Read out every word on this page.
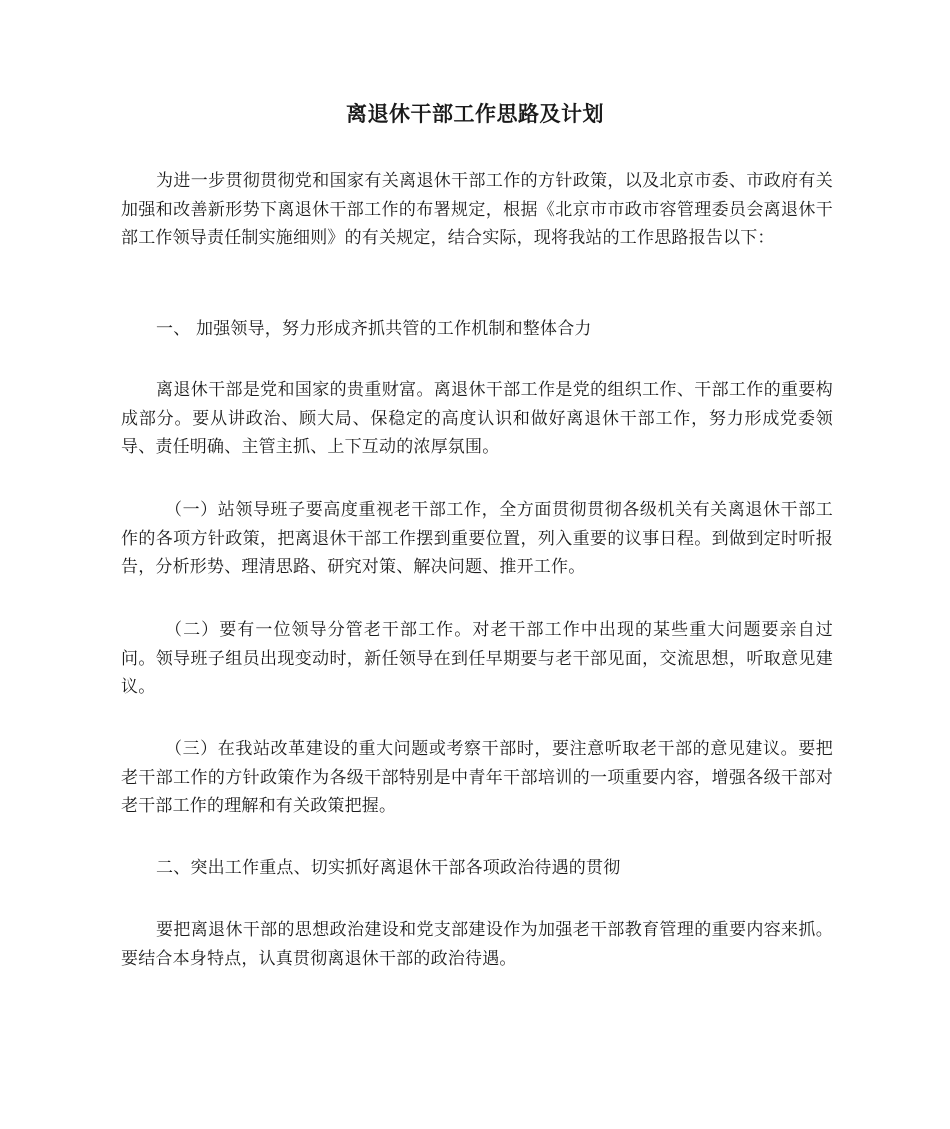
离退休干部工作思路及计划

为进一步贯彻贯彻党和国家有关离退休干部工作的方针政策，以及北京市委、市政府有关加强和改善新形势下离退休干部工作的布署规定，根据《北京市市政市容管理委员会离退休干部工作领导责任制实施细则》的有关规定，结合实际，现将我站的工作思路报告以下：

一、 加强领导，努力形成齐抓共管的工作机制和整体合力

离退休干部是党和国家的贵重财富。离退休干部工作是党的组织工作、干部工作的重要构成部分。要从讲政治、顾大局、保稳定的高度认识和做好离退休干部工作，努力形成党委领导、责任明确、主管主抓、上下互动的浓厚氛围。

（一）站领导班子要高度重视老干部工作，全方面贯彻贯彻各级机关有关离退休干部工作的各项方针政策，把离退休干部工作摆到重要位置，列入重要的议事日程。到做到定时听报告，分析形势、理清思路、研究对策、解决问题、推开工作。

（二）要有一位领导分管老干部工作。对老干部工作中出现的某些重大问题要亲自过问。领导班子组员出现变动时，新任领导在到任早期要与老干部见面，交流思想，听取意见建议。

（三）在我站改革建设的重大问题或考察干部时，要注意听取老干部的意见建议。要把老干部工作的方针政策作为各级干部特别是中青年干部培训的一项重要内容，增强各级干部对老干部工作的理解和有关政策把握。

二、突出工作重点、切实抓好离退休干部各项政治待遇的贯彻

要把离退休干部的思想政治建设和党支部建设作为加强老干部教育管理的重要内容来抓。要结合本身特点，认真贯彻离退休干部的政治待遇。
